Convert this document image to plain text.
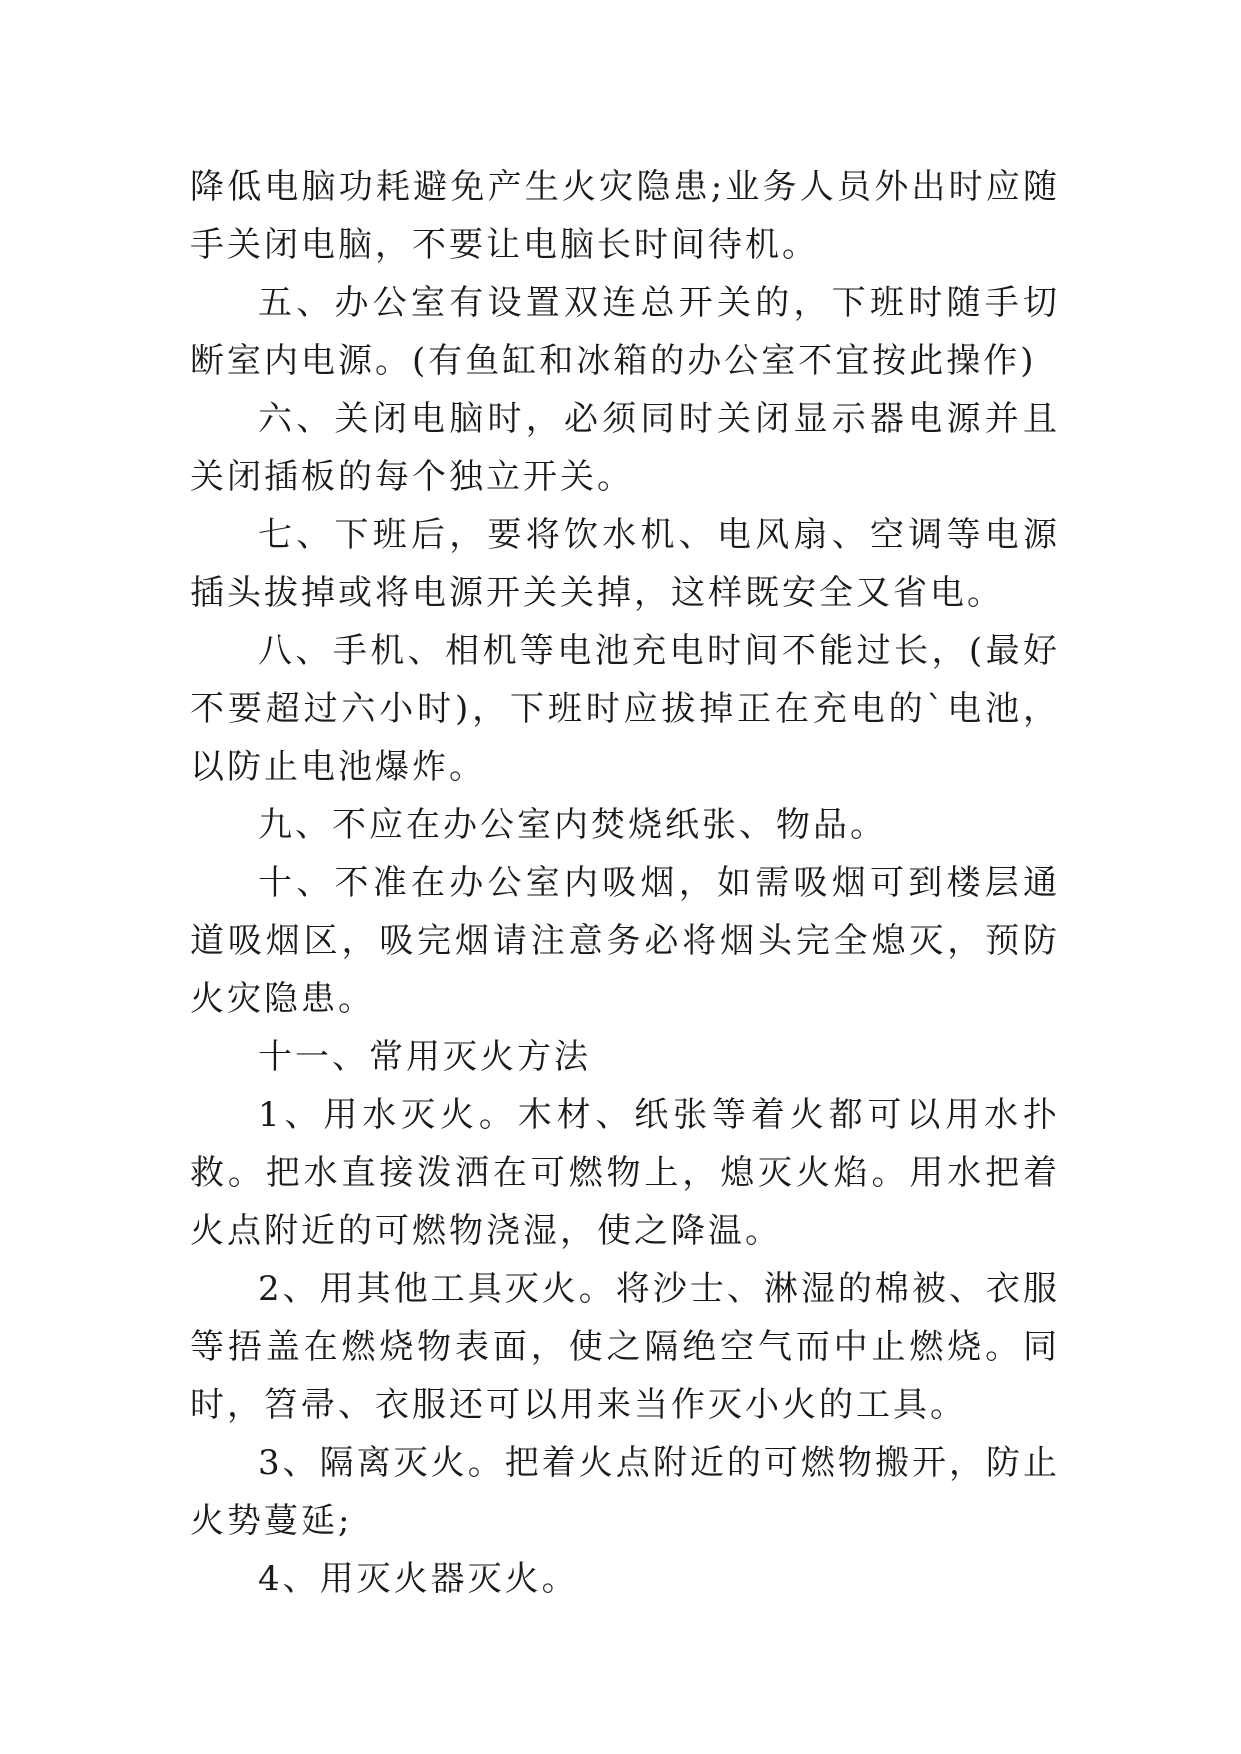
降低电脑功耗避免产生火灾隐患;业务人员外出时应随手关闭电脑，不要让电脑长时间待机。

五、办公室有设置双连总开关的，下班时随手切断室内电源。(有鱼缸和冰箱的办公室不宜按此操作)

六、关闭电脑时，必须同时关闭显示器电源并且关闭插板的每个独立开关。

七、下班后，要将饮水机、电风扇、空调等电源插头拔掉或将电源开关关掉，这样既安全又省电。

八、手机、相机等电池充电时间不能过长，(最好不要超过六小时)，下班时应拔掉正在充电的`电池，以防止电池爆炸。

九、不应在办公室内焚烧纸张、物品。

十、不准在办公室内吸烟，如需吸烟可到楼层通道吸烟区，吸完烟请注意务必将烟头完全熄灭，预防火灾隐患。

十一、常用灭火方法

1、用水灭火。木材、纸张等着火都可以用水扑救。把水直接泼洒在可燃物上，熄灭火焰。用水把着火点附近的可燃物浇湿，使之降温。

2、用其他工具灭火。将沙士、淋湿的棉被、衣服等捂盖在燃烧物表面，使之隔绝空气而中止燃烧。同时，笤帚、衣服还可以用来当作灭小火的工具。

3、隔离灭火。把着火点附近的可燃物搬开，防止火势蔓延;

4、用灭火器灭火。
